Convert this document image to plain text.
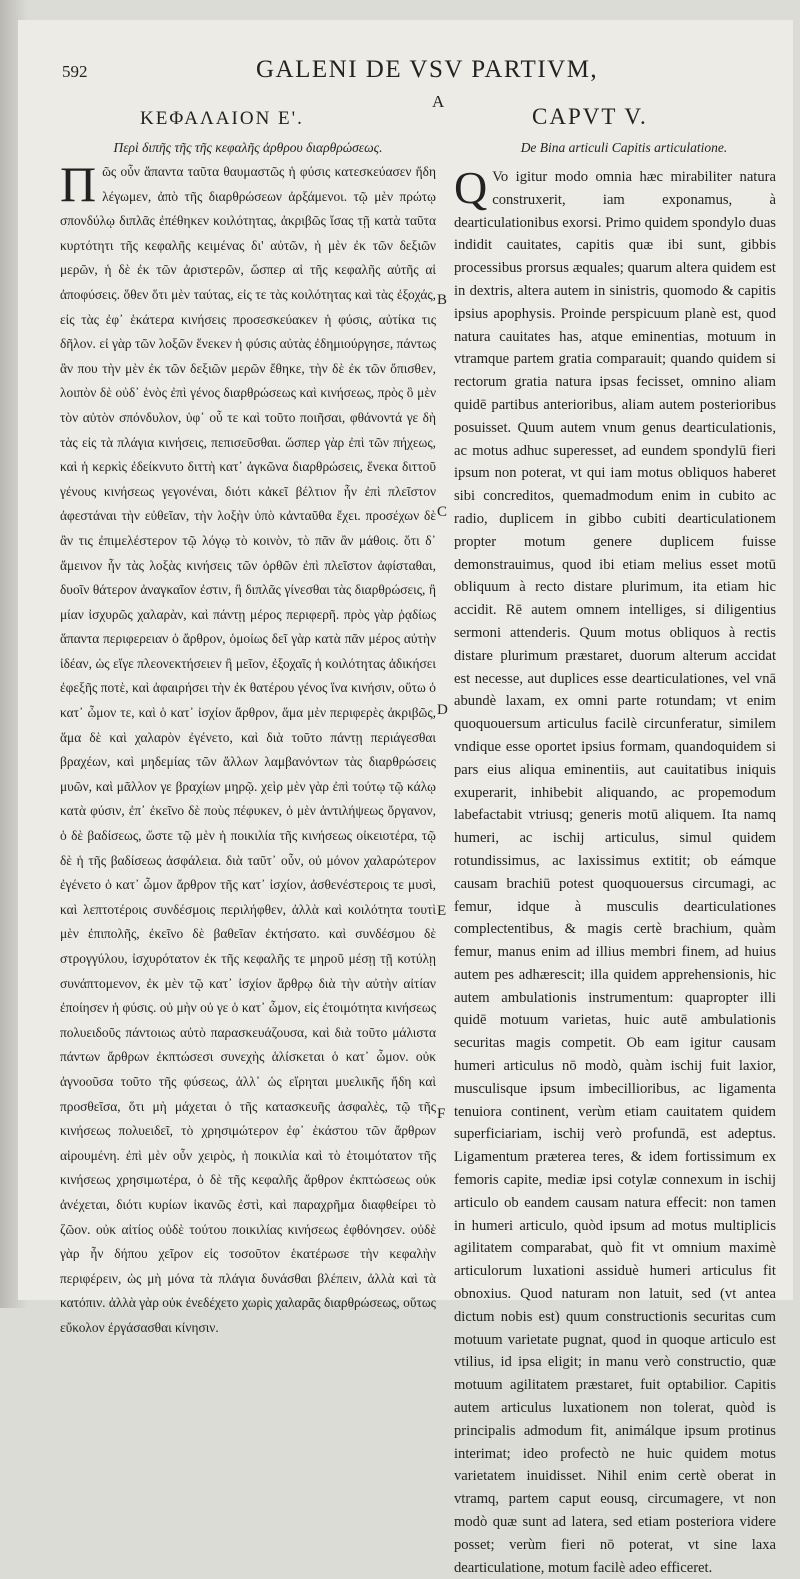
592	GALENI DE VSV PARTIVM,
A
ΚΕΦΑΛΑΙΟΝ Ε'.	CAPVT V.
Περὶ διπῆς τῆς τῆς κεφαλῆς ἀρθρου διαρθρώσεως.	De Bina articuli Capitis articulatione.
Πῶς οὖν ἅπαντα ταῦτα θαυμαστῶς ἡ φύσις κατεσκεύασεν ἤδη λέγωμεν, ἀπὸ τῆς διαρθρώσεων ἀρξάμενοι. τῷ μὲν πρώτῳ σπονδύλῳ διπλᾶς ἐπέθηκεν κοιλότητας, ἀκριβῶς ἴσας τῇ κατὰ ταῦτα κυρτότητι τῆς κεφαλῆς κειμένας δι' αὐτῶν, ἡ μὲν ἐκ τῶν δεξιῶν μερῶν, ἡ δὲ ἐκ τῶν ἀριστερῶν, ὥσπερ αἱ τῆς κεφαλῆς αὐτῆς αἱ ἀποφύσεις. ὅθεν ὅτι μὲν ταύτας, εἰς τε τὰς κοιλότητας καὶ τὰς ἐξοχάς, εἰς τὰς ἐφ᾽ ἑκάτερα κινήσεις προσεσκεύακεν ἡ φύσις, αὐτίκα τις δῆλον. εἰ γὰρ τῶν λοξῶν ἕνεκεν ἡ φύσις αὐτὰς ἐδημιούργησε, πάντως ἂν που τὴν μὲν ἐκ τῶν δεξιῶν μερῶν ἔθηκε, τὴν δὲ ἐκ τῶν ὄπισθεν, λοιπὸν δὲ οὐδ᾽ ἑνὸς ἐπὶ γένος διαρθρώσεως καὶ κινήσεως, πρὸς ὃ μὲν τὸν αὐτὸν σπόνδυλον, ὑφ᾽ οὗ τε καὶ τοῦτο ποιῆσαι, φθάνοντά γε δὴ τὰς εἰς τὰ πλάγια κινήσεις, πεπισεῦσθαι. ὥσπερ γὰρ ἐπὶ τῶν πήχεως, καὶ ἡ κερκὶς ἐδείκνυτο διττὴ κατ᾽ ἀγκῶνα διαρθρώσεις, ἕνεκα διττοῦ γένους κινήσεως γεγονέναι, διότι κἀκεῖ βέλτιον ἦν ἐπὶ πλεῖστον ἀφεστάναι τὴν εὐθεῖαν, τὴν λοξὴν ὑπὸ κἀνταῦθα ἔχει. προσέχων δὲ ἂν τις ἐπιμελέστερον τῷ λόγῳ τὸ κοινὸν, τὸ πᾶν ἂν μάθοις. ὅτι δ᾽ ἄμεινον ἦν τὰς λοξὰς κινήσεις τῶν ὀρθῶν ἐπὶ πλεῖστον ἀφίσταθαι, δυοῖν θάτερον ἀναγκαῖον ἐστιν, ἢ διπλᾶς γίνεσθαι τὰς διαρθρώσεις, ἢ μίαν ἰσχυρῶς χαλαρὰν, καὶ πάντῃ μέρος περιφερῆ. πρὸς γὰρ ῥᾳδίως ἅπαντα περιφερειαν ὁ ἄρθρον, ὁμοίως δεῖ γὰρ κατὰ πᾶν μέρος αὐτὴν ἰδέαν, ὡς εἴγε πλεονεκτήσειεν ἢ μεῖον, ἐξοχαῖς ἡ κοιλότητας ἀδικήσει ἐφεξῆς ποτὲ, καὶ ἀφαιρήσει τὴν ἐκ θατέρου γένος ἵνα κινήσιν, οὕτω ὁ κατ᾽ ὦμον τε, καὶ ὁ κατ᾽ ἰσχίον ἄρθρον, ἅμα μὲν περιφερὲς ἀκριβῶς, ἅμα δὲ καὶ χαλαρὸν ἐγένετο, καὶ διὰ τοῦτο πάντῃ περιάγεσθαι βραχέων, καὶ μηδεμίας τῶν ἄλλων λαμβανόντων τὰς διαρθρώσεις μυῶν, καὶ μᾶλλον γε βραχίων μηρῷ. χεὶρ μὲν γὰρ ἐπὶ τούτῳ τῷ κάλῳ κατὰ φύσιν, ἐπ᾽ ἐκεῖνο δὲ ποὺς πέφυκεν, ὁ μὲν ἀντιλήψεως ὄργανον, ὁ δὲ βαδίσεως, ὥστε τῷ μὲν ἡ ποικιλία τῆς κινήσεως οἰκειοτέρα, τῷ δὲ ἡ τῆς βαδίσεως ἀσφάλεια. διὰ ταῦτ᾽ οὖν, οὐ μόνον χαλαρώτερον ἐγένετο ὁ κατ᾽ ὦμον ἄρθρον τῆς κατ᾽ ἰσχίον, ἀσθενέστεροις τε μυσὶ, καὶ λεπτοτέροις συνδέσμοις περιλήφθεν, ἀλλὰ καὶ κοιλότητα τουτὶ μὲν ἐπιπολῆς, ἐκεῖνο δὲ βαθεῖαν ἐκτήσατο. καὶ συνδέσμου δὲ στρογγύλου, ἰσχυρότατον ἐκ τῆς κεφαλῆς τε μηροῦ μέσῃ τῇ κοτύλῃ συνάπτομενον, ἐκ μὲν τῷ κατ᾽ ἰσχίον ἄρθρῳ διὰ τὴν αὐτὴν αἰτίαν ἐποίησεν ἡ φύσις. οὐ μὴν οὐ γε ὁ κατ᾽ ὦμον, εἰς ἐτοιμότητα κινήσεως πολυειδοῦς πάντοιως αὐτὸ παρασκευάζουσα, καὶ διὰ τοῦτο μάλιστα πάντων ἄρθρων ἐκπτώσεσι συνεχὴς ἁλίσκεται ὁ κατ᾽ ὦμον. οὐκ ἀγνοοῦσα τοῦτο τῆς φύσεως, ἀλλ᾽ ὡς εἴρηται μυελικῆς ἤδη καὶ προσθεῖσα, ὅτι μὴ μάχεται ὁ τῆς κατασκευῆς ἀσφαλὲς, τῷ τῆς κινήσεως πολυειδεῖ, τὸ χρησιμώτερον ἐφ᾽ ἑκάστου τῶν ἄρθρων αἱρουμένη. ἐπὶ μὲν οὖν χειρὸς, ἡ ποικιλία καὶ τὸ ἑτοιμότατον τῆς κινήσεως χρησιμωτέρα, ὁ δὲ τῆς κεφαλῆς ἄρθρον ἐκπτώσεως οὐκ ἀνέχεται, διότι κυρίων ἱκανῶς ἐστὶ, καὶ παραχρῆμα διαφθείρει τὸ ζῶον. οὐκ αἰτίος οὐδὲ τούτου ποικιλίας κινήσεως ἐφθόνησεν. οὐδὲ γὰρ ἦν δήπου χεῖρον εἰς τοσοῦτον ἑκατέρωσε τὴν κεφαλὴν περιφέρειν, ὡς μὴ μόνα τὰ πλάγια δυνάσθαι βλέπειν, ἀλλὰ καὶ τὰ κατόπιν. ἀλλὰ γὰρ οὐκ ἐνεδέχετο χωρὶς χαλαρᾶς διαρθρώσεως, οὕτως εὔκολον ἐργάσασθαι κίνησιν.
Q Vo igitur modo omnia hæc mirabiliter natura construxerit, iam exponamus, à dearticulationibus exorsi. Primo quidem spondylo duas indidit cauitates, capitis quæ ibi sunt, gibbis processibus prorsus æquales; quarum altera quidem est in dextris, altera autem in sinistris, quomodo & capitis ipsius apophysis. Proinde perspicuum planè est, quod natura cauitates has, atque eminentias, motuum in vtramque partem gratia comparauit; quando quidem si rectorum gratia natura ipsas fecisset, omnino aliam quidē partibus anterioribus, aliam autem posterioribus posuisset. Quum autem vnum genus dearticulationis, ac motus adhuc superesset, ad eundem spondylū fieri ipsum non poterat, vt qui iam motus obliquos haberet sibi concreditos, quemadmodum enim in cubito ac radio, duplicem in gibbo cubiti dearticulationem propter motum genere duplicem fuisse demonstrauimus, quod ibi etiam melius esset motū obliquum à recto distare plurimum, ita etiam hic accidit. Rē autem omnem intelliges, si diligentius sermoni attenderis. Quum motus obliquos à rectis distare plurimum præstaret, duorum alterum accidat est necesse, aut duplices esse dearticulationes, vel vnā abundè laxam, ex omni parte rotundam; vt enim quoquouersum articulus facilè circunferatur, similem vndique esse oportet ipsius formam, quandoquidem si pars eius aliqua eminentiis, aut cauitatibus iniquis exuperarit, inhibebit aliquando, ac propemodum labefactabit vtriusq; generis motū aliquem. Ita namq humeri, ac ischij articulus, simul quidem rotundissimus, ac laxissimus extitit; ob eámque causam brachiū potest quoquouersus circumagi, ac femur, idque à musculis dearticulationes complectentibus, & magis certè brachium, quàm femur, manus enim ad illius membri finem, ad huius autem pes adhærescit; illa quidem apprehensionis, hic autem ambulationis instrumentum: quapropter illi quidē motuum varietas, huic autē ambulationis securitas magis competit. Ob eam igitur causam humeri articulus nō modò, quàm ischij fuit laxior, musculisque ipsum imbecillioribus, ac ligamenta tenuiora continent, verùm etiam cauitatem quidem superficiariam, ischij verò profundā, est adeptus. Ligamentum præterea teres, & idem fortissimum ex femoris capite, mediæ ipsi cotylæ connexum in ischij articulo ob eandem causam natura effecit: non tamen in humeri articulo, quòd ipsum ad motus multiplicis agilitatem comparabat, quò fit vt omnium maximè articulorum luxationi assiduè humeri articulus fit obnoxius. Quod naturam non latuit, sed (vt antea dictum nobis est) quum constructionis securitas cum motuum varietate pugnat, quod in quoque articulo est vtilius, id ipsa eligit; in manu verò constructio, quæ motuum agilitatem præstaret, fuit optabilior. Capitis autem articulus luxationem non tolerat, quòd is principalis admodum fit, animálque ipsum protinus interimat; ideo profectò ne huic quidem motus varietatem inuidisset. Nihil enim certè oberat in vtramq, partem caput eousq, circumagere, vt non modò quæ sunt ad latera, sed etiam posteriora videre posset; verùm fieri nō poterat, vt sine laxa dearticulatione, motum facilè adeo efficeret.
B
C
D
E
F
